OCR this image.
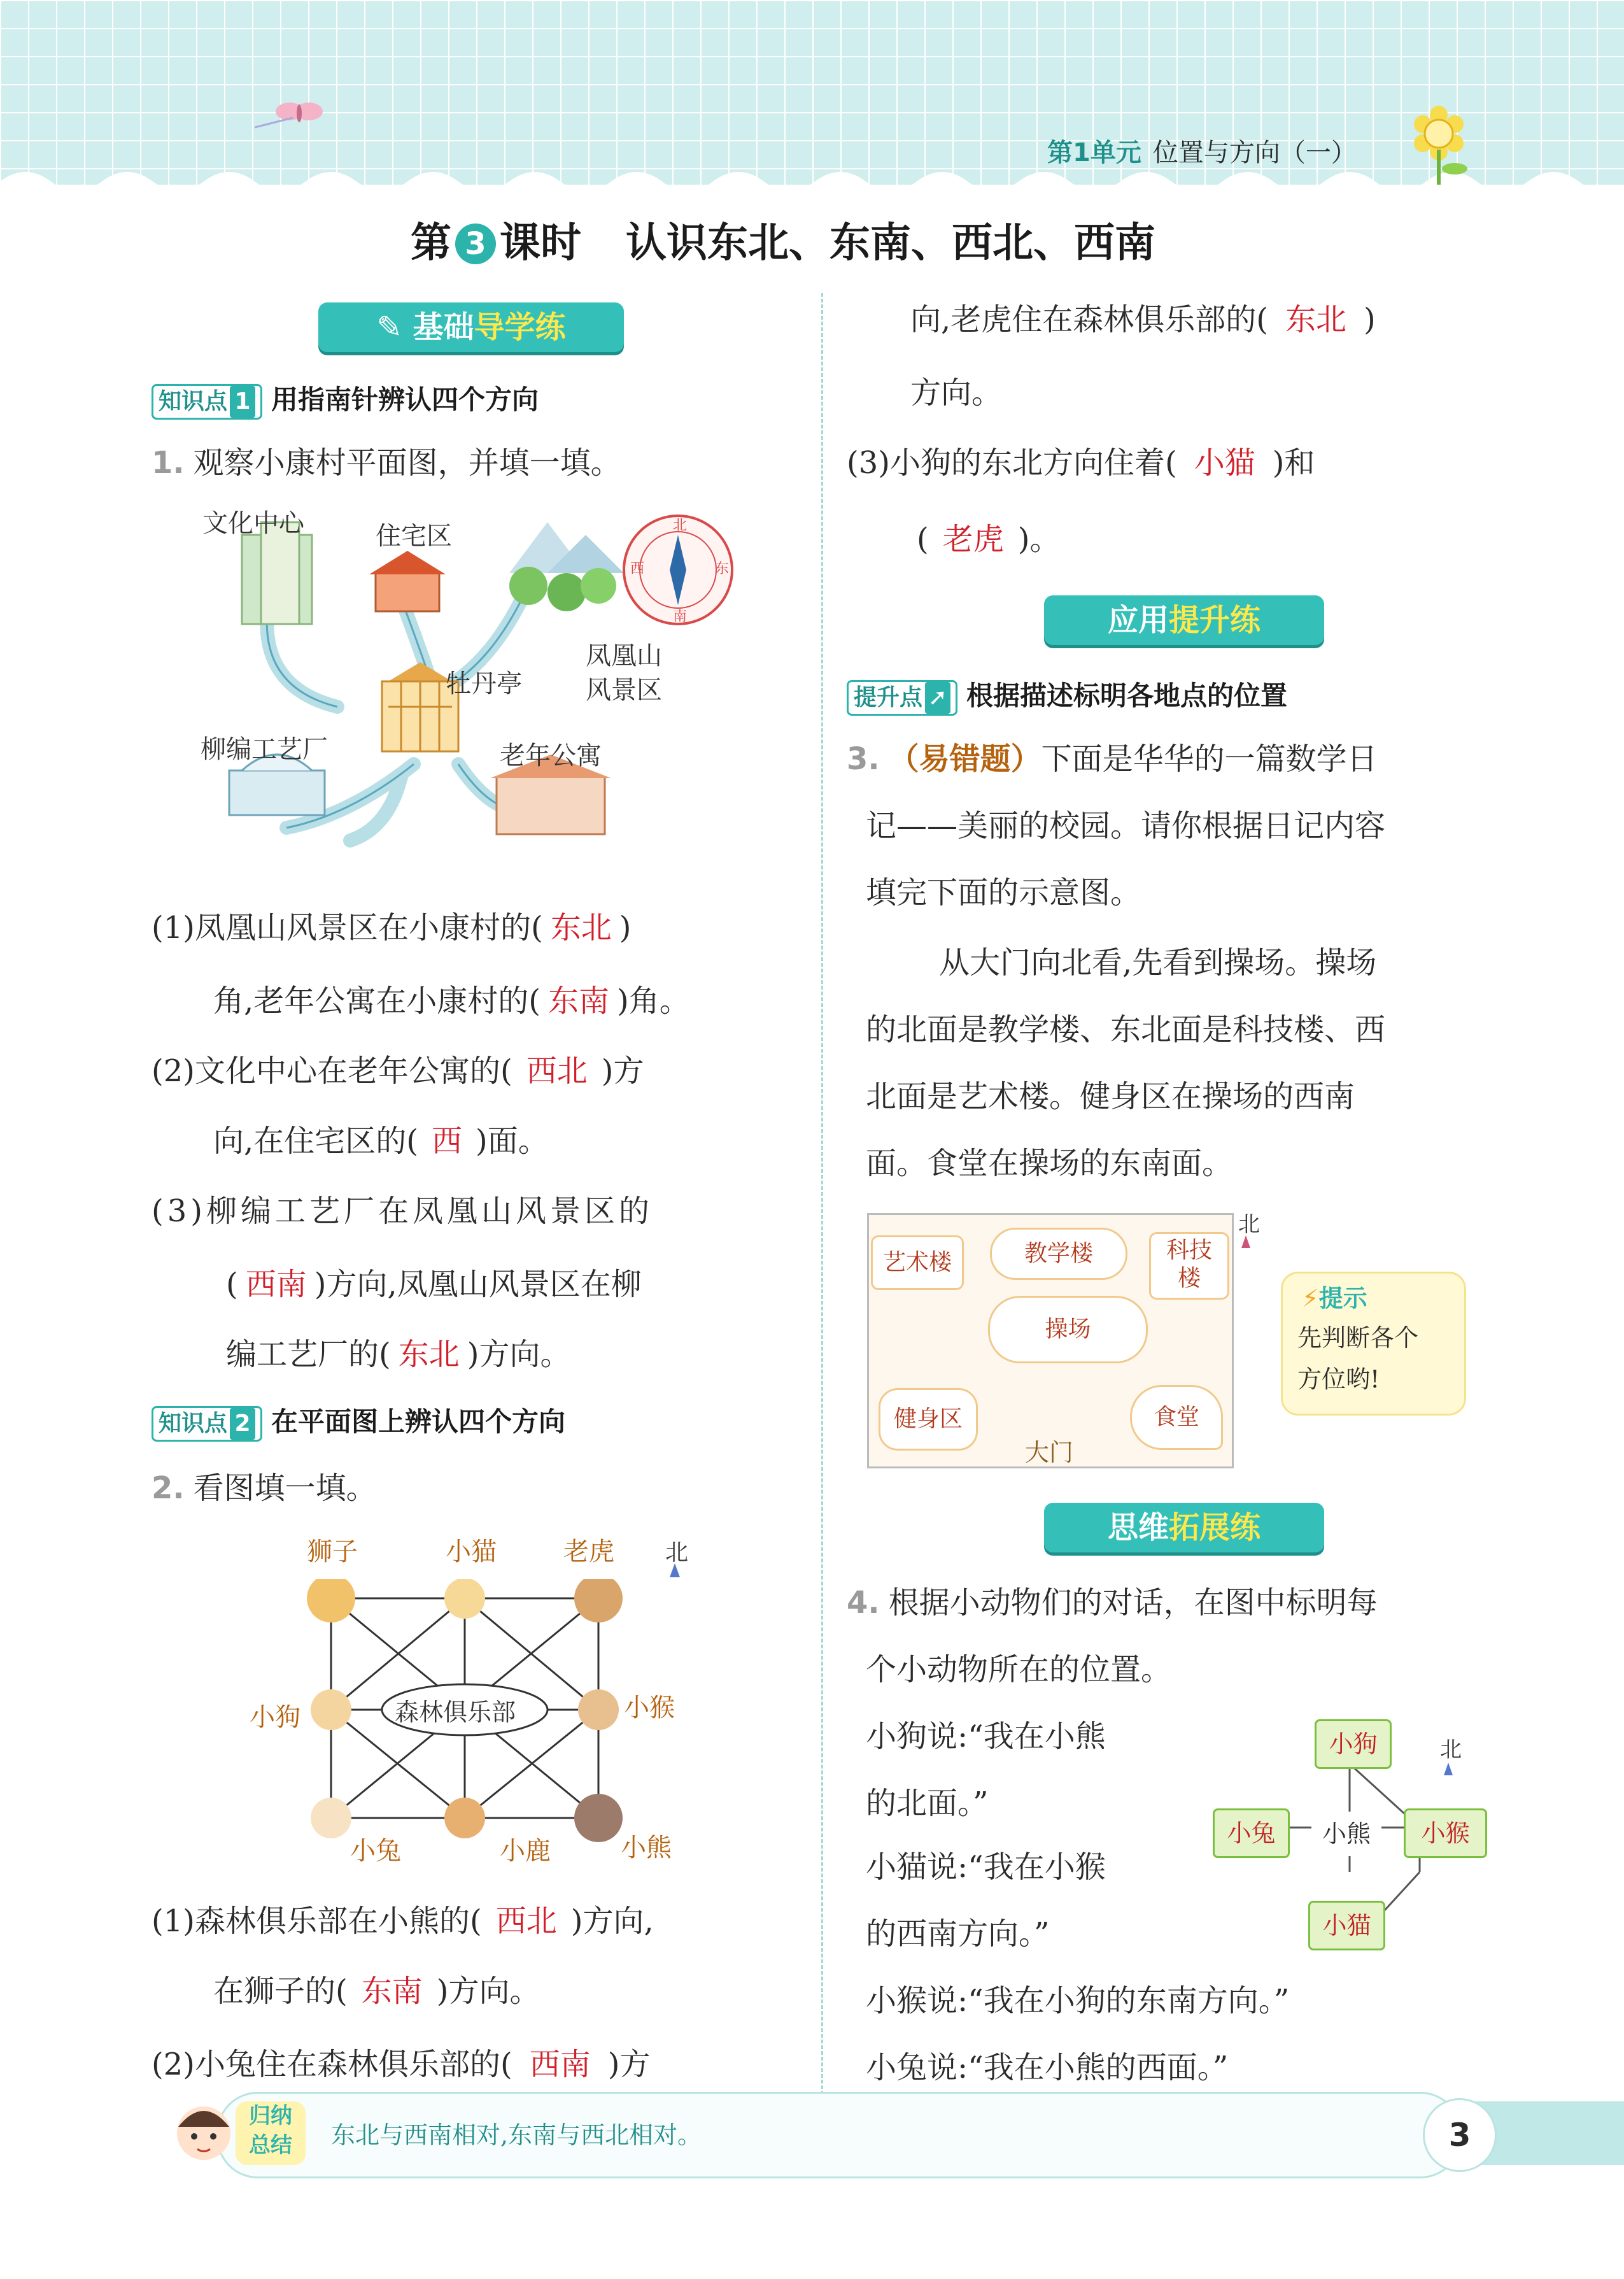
第1单元 位置与方向（一）
第 3 课时 认识东北、东南、西北、西南
✎ 基础导学练
知识点 1 用指南针辨认四个方向
1. 观察小康村平面图，并填一填。
北
东
南
西
文化中心	住宅区
凤凰山
风景区
牡丹亭
柳编工艺厂	老年公寓
(1)凤凰山风景区在小康村的( 东北 )
角,老年公寓在小康村的( 东南 )角。
(2)文化中心在老年公寓的( 西北 )方
向,在住宅区的( 西 )面。
(3)柳编工艺厂在凤凰山风景区的
( 西南 )方向,凤凰山风景区在柳
编工艺厂的( 东北 )方向。
知识点 2 在平面图上辨认四个方向
2. 看图填一填。
森林俱乐部
狮子	小猫	老虎 北
小狗	小猴
小兔	小鹿	小熊
(1)森林俱乐部在小熊的( 西北 )方向,
在狮子的( 东南 )方向。
(2)小兔住在森林俱乐部的( 西南 )方
向,老虎住在森林俱乐部的( 东北 )
方向。
(3)小狗的东北方向住着( 小猫 )和
( 老虎 )。
应用提升练
提升点 ➚ 根据描述标明各地点的位置
3. （易错题）下面是华华的一篇数学日
记——美丽的校园。请你根据日记内容
填完下面的示意图。
从大门向北看,先看到操场。操场
的北面是教学楼、东北面是科技楼、西
北面是艺术楼。健身区在操场的西南
面。食堂在操场的东南面。
艺术楼	教学楼	科技
楼
操场
健身区	食堂
大门
北
⚡提示
先判断各个
方位哟!
思维拓展练
4. 根据小动物们的对话，在图中标明每
个小动物所在的位置。
小狗说:“我在小熊
的北面。”
小猫说:“我在小猴
的西南方向。”
小猴说:“我在小狗的东南方向。”
小兔说:“我在小熊的西面。”
小狗
小兔	小熊	小猴
小猫
北
归纳
总结	东北与西南相对,东南与西北相对。	3
